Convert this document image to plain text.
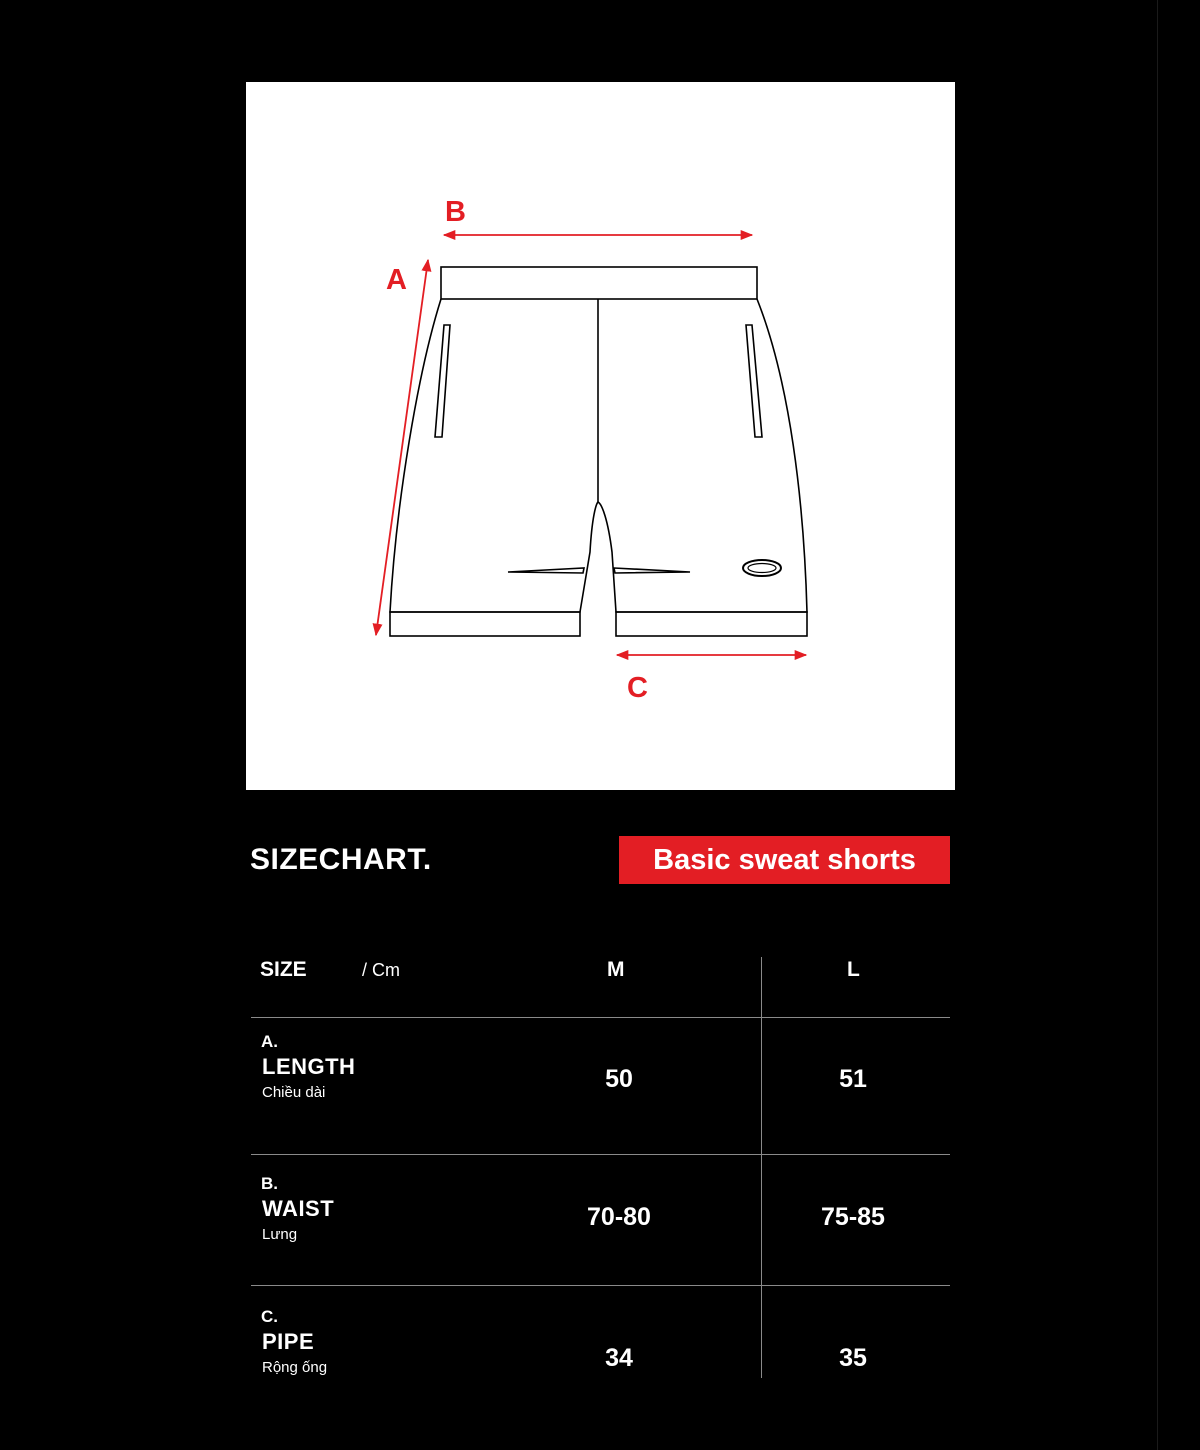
A
B
C
SIZECHART.	Basic sweat shorts
SIZE	/ Cm	M	L
A.
LENGTH
Chiều dài	50	51
B.
WAIST
Lưng
70-80	75-85
C.
PIPE
Rộng ống	34	35
